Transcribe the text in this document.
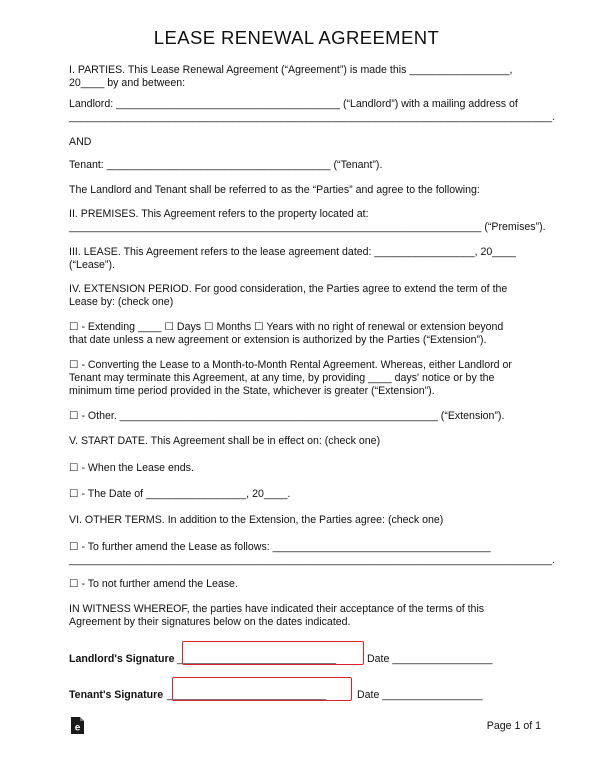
LEASE RENEWAL AGREEMENT
I. PARTIES. This Lease Renewal Agreement (“Agreement”) is made this _________________,
20____ by and between:
Landlord: ______________________________________ (“Landlord”) with a mailing address of
__________________________________________________________________________________.
AND
Tenant: ______________________________________ (“Tenant”).
The Landlord and Tenant shall be referred to as the “Parties” and agree to the following:
II. PREMISES. This Agreement refers to the property located at:
______________________________________________________________________ (“Premises”).
III. LEASE. This Agreement refers to the lease agreement dated: _________________, 20____
(“Lease”).
IV. EXTENSION PERIOD. For good consideration, the Parties agree to extend the term of the
Lease by: (check one)
☐ - Extending ____ ☐ Days ☐ Months ☐ Years with no right of renewal or extension beyond
that date unless a new agreement or extension is authorized by the Parties (“Extension”).
☐ - Converting the Lease to a Month-to-Month Rental Agreement. Whereas, either Landlord or
Tenant may terminate this Agreement, at any time, by providing ____ days' notice or by the
minimum time period provided in the State, whichever is greater (“Extension”).
☐ - Other. ______________________________________________________ (“Extension”).
V. START DATE. This Agreement shall be in effect on: (check one)
☐ - When the Lease ends.
☐ - The Date of _________________, 20____.
VI. OTHER TERMS. In addition to the Extension, the Parties agree: (check one)
☐ - To further amend the Lease as follows: _____________________________________
__________________________________________________________________________________.
☐ - To not further amend the Lease.
IN WITNESS WHEREOF, the parties have indicated their acceptance of the terms of this
Agreement by their signatures below on the dates indicated.
Landlord's Signature ___________________________	Date _________________
Tenant's Signature ___________________________	Date _________________
e	Page 1 of 1
